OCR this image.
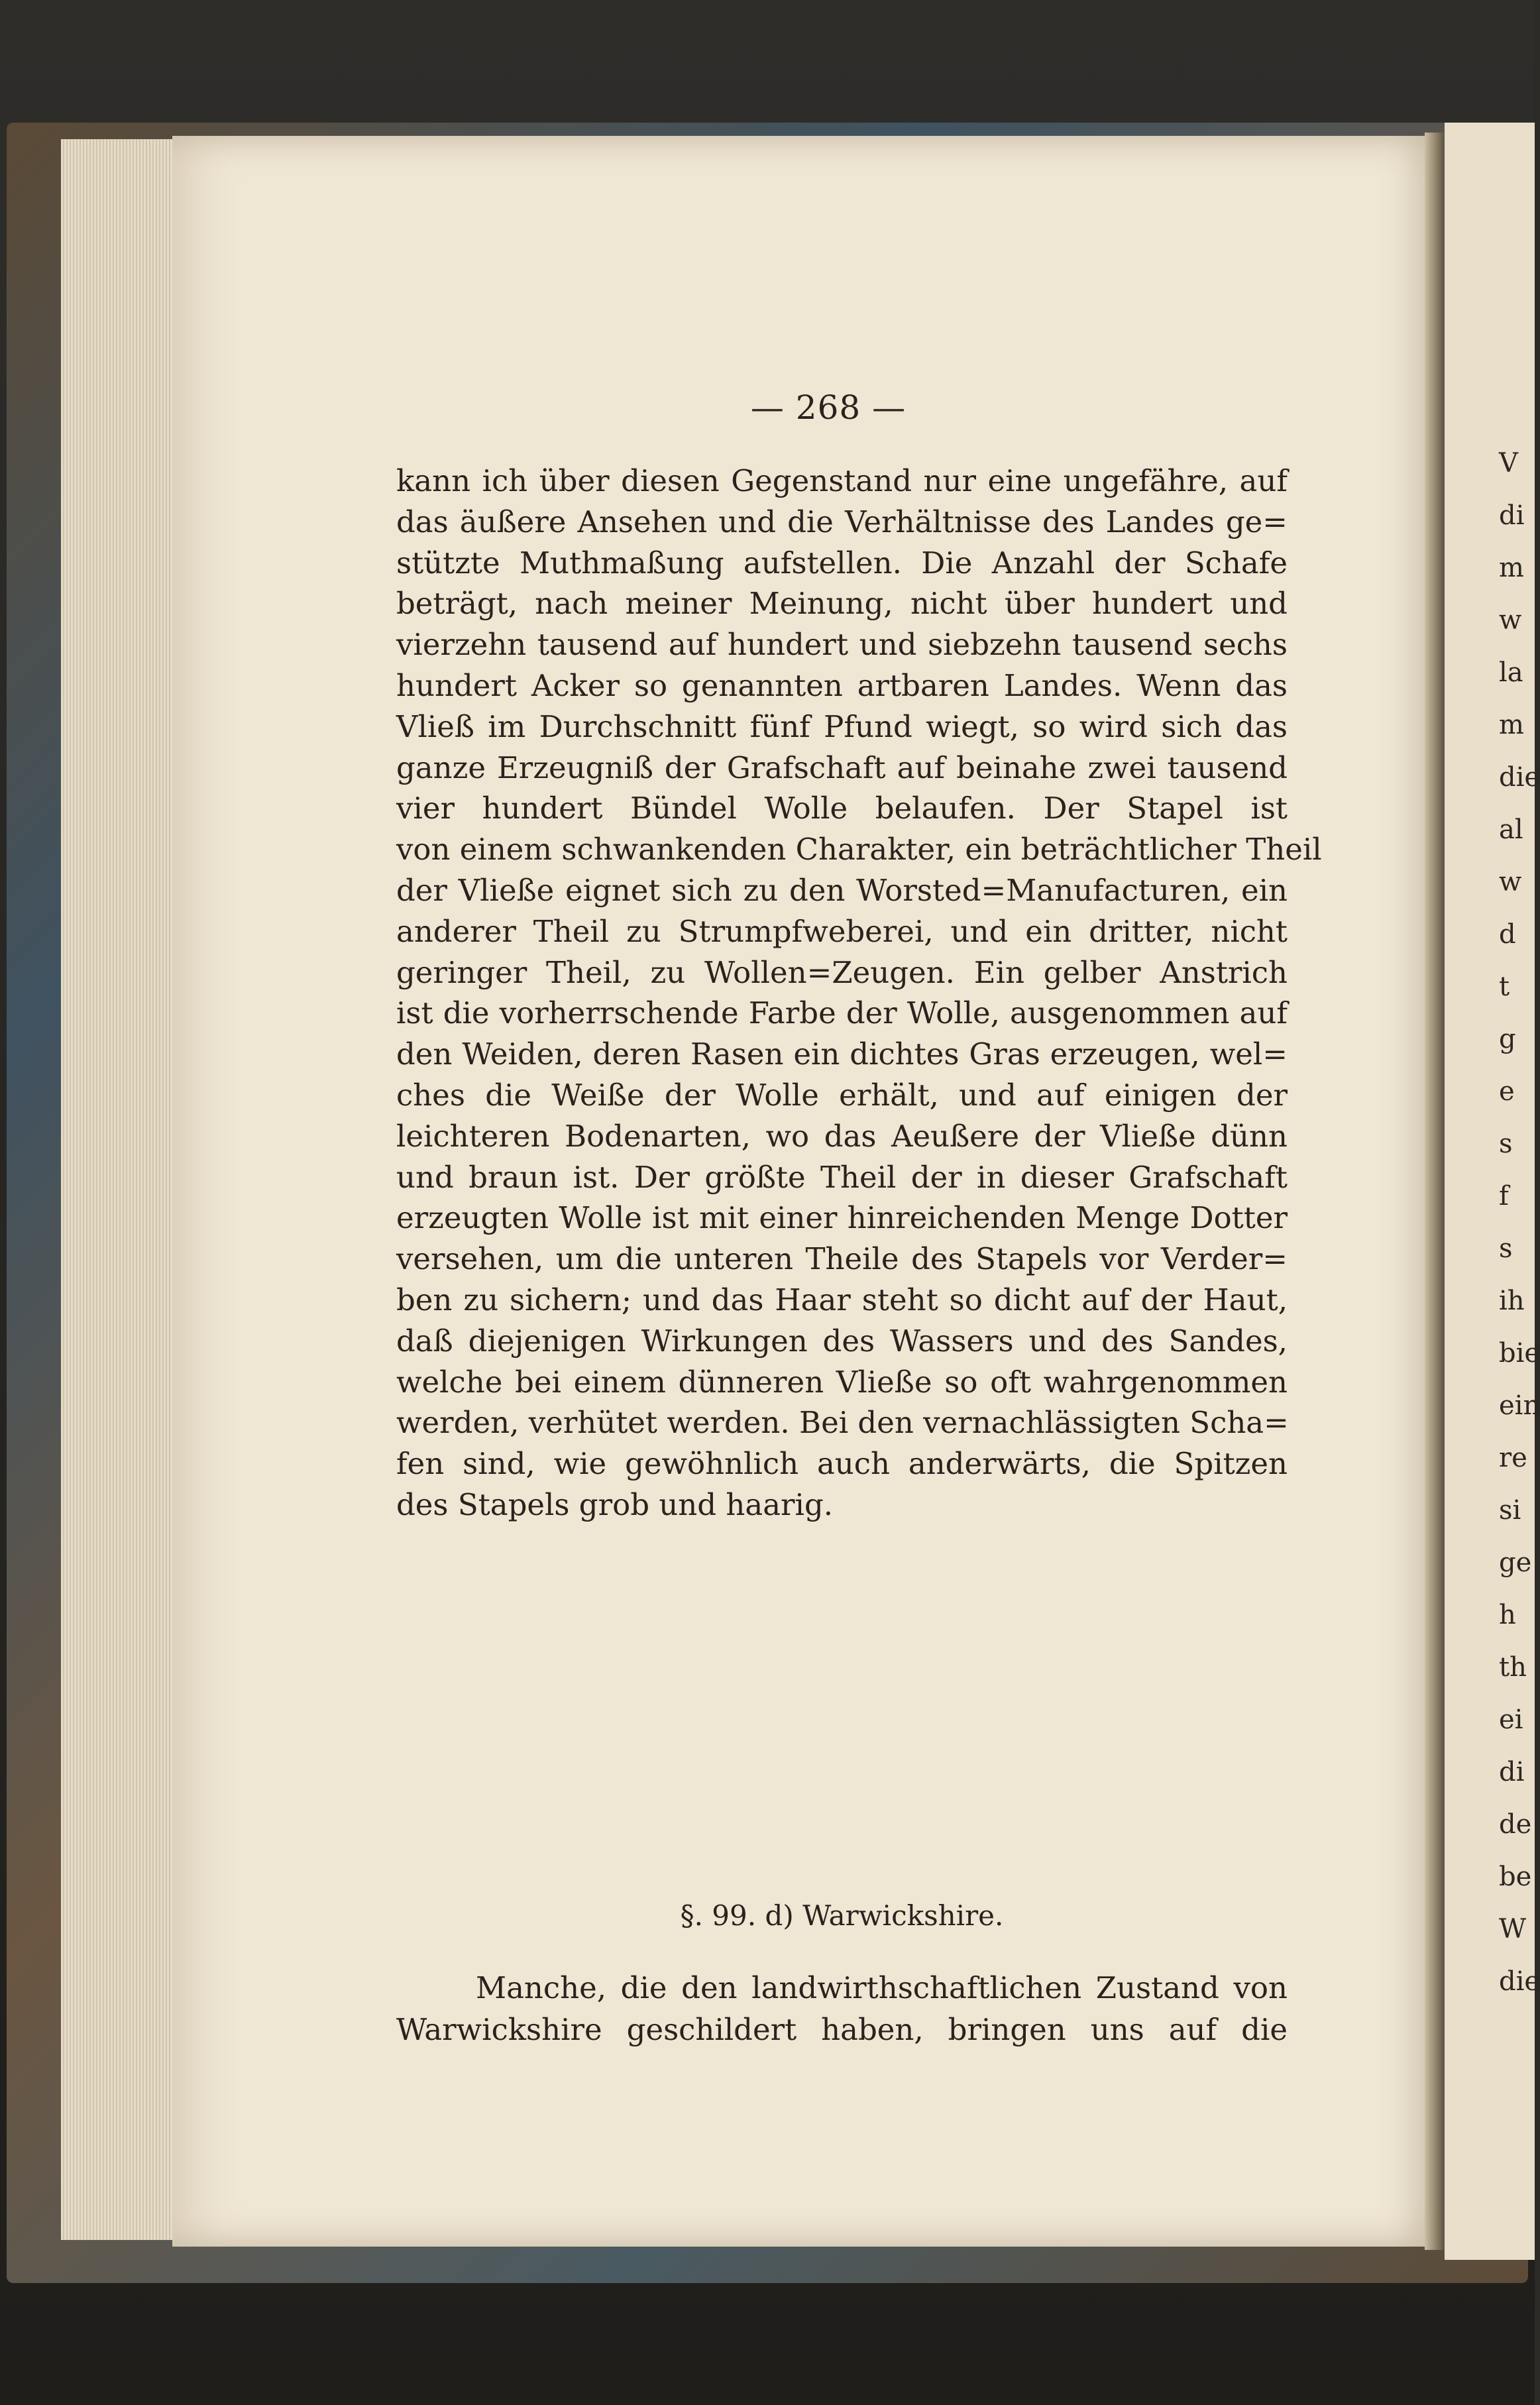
V
di
m
w
la
m
die
al
w
d
t
g
e
s
f
s
ih
bie
ein
re
si
ge
h
th
ei
di
de
be
W
die
— 268 —
kann ich über diesen Gegenstand nur eine ungefähre, auf
das äußere Ansehen und die Verhältnisse des Landes ge=
stützte Muthmaßung aufstellen. Die Anzahl der Schafe
beträgt, nach meiner Meinung, nicht über hundert und
vierzehn tausend auf hundert und siebzehn tausend sechs
hundert Acker so genannten artbaren Landes. Wenn das
Vließ im Durchschnitt fünf Pfund wiegt, so wird sich das
ganze Erzeugniß der Grafschaft auf beinahe zwei tausend
vier hundert Bündel Wolle belaufen. Der Stapel ist
von einem schwankenden Charakter, ein beträchtlicher Theil
der Vließe eignet sich zu den Worsted=Manufacturen, ein
anderer Theil zu Strumpfweberei, und ein dritter, nicht
geringer Theil, zu Wollen=Zeugen. Ein gelber Anstrich
ist die vorherrschende Farbe der Wolle, ausgenommen auf
den Weiden, deren Rasen ein dichtes Gras erzeugen, wel=
ches die Weiße der Wolle erhält, und auf einigen der
leichteren Bodenarten, wo das Aeußere der Vließe dünn
und braun ist. Der größte Theil der in dieser Grafschaft
erzeugten Wolle ist mit einer hinreichenden Menge Dotter
versehen, um die unteren Theile des Stapels vor Verder=
ben zu sichern; und das Haar steht so dicht auf der Haut,
daß diejenigen Wirkungen des Wassers und des Sandes,
welche bei einem dünneren Vließe so oft wahrgenommen
werden, verhütet werden. Bei den vernachlässigten Scha=
fen sind, wie gewöhnlich auch anderwärts, die Spitzen
des Stapels grob und haarig.
§. 99. d) Warwickshire.
Manche, die den landwirthschaftlichen Zustand von
Warwickshire geschildert haben, bringen uns auf die
